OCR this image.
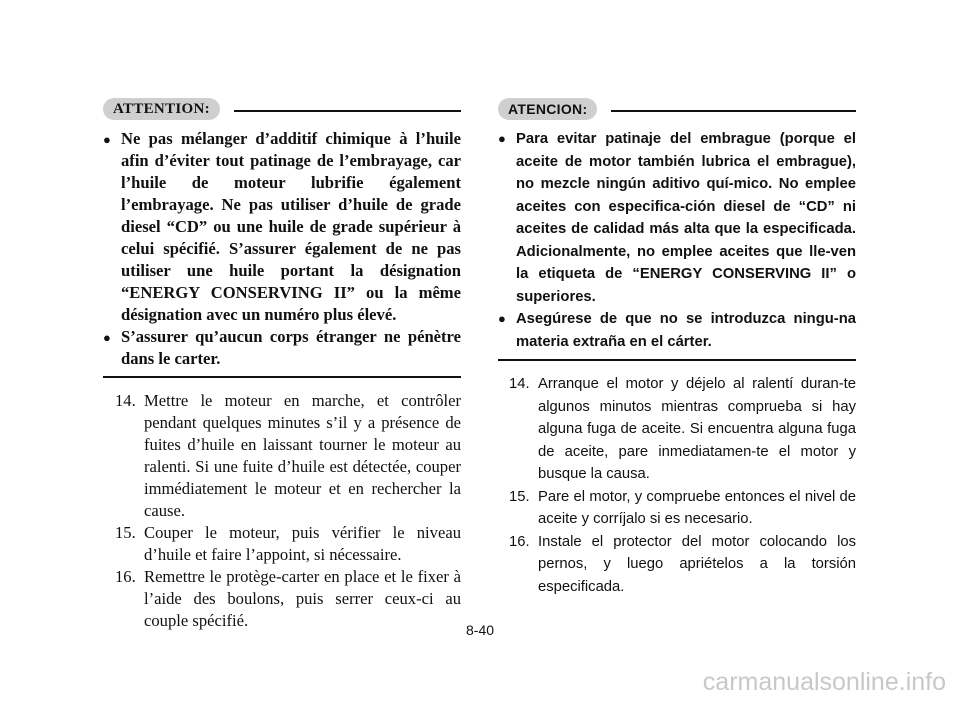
ATTENTION:
●
Ne pas mélanger d’additif chimique à l’huile afin d’éviter tout patinage de l’embrayage, car l’huile de moteur lubrifie également l’embrayage. Ne pas utiliser d’huile de grade diesel “CD” ou une huile de grade supérieur à celui spécifié. S’assurer également de ne pas utiliser une huile portant la désignation “ENERGY CONSERVING II” ou la même désignation avec un numéro plus élevé.
●
S’assurer qu’aucun corps étranger ne pénètre dans le carter.
14. Mettre le moteur en marche, et contrôler pendant quelques minutes s’il y a présence de fuites d’huile en laissant tourner le moteur au ralenti. Si une fuite d’huile est détectée, couper immédiatement le moteur et en rechercher la cause.
15. Couper le moteur, puis vérifier le niveau d’huile et faire l’appoint, si nécessaire.
16. Remettre le protège-carter en place et le fixer à l’aide des boulons, puis serrer ceux-ci au couple spécifié.
ATENCION:
●
Para evitar patinaje del embrague (porque el aceite de motor también lubrica el embrague), no mezcle ningún aditivo quí-mico. No emplee aceites con especifica-ción diesel de “CD” ni aceites de calidad más alta que la especificada. Adicionalmente, no emplee aceites que lle-ven la etiqueta de “ENERGY CONSERVING II” o superiores.
●
Asegúrese de que no se introduzca ningu-na materia extraña en el cárter.
14. Arranque el motor y déjelo al ralentí duran-te algunos minutos mientras comprueba si hay alguna fuga de aceite. Si encuentra alguna fuga de aceite, pare inmediatamen-te el motor y busque la causa.
15. Pare el motor, y compruebe entonces el nivel de aceite y corríjalo si es necesario.
16. Instale el protector del motor colocando los pernos, y luego apriételos a la torsión especificada.
8-40
carmanualsonline.info
